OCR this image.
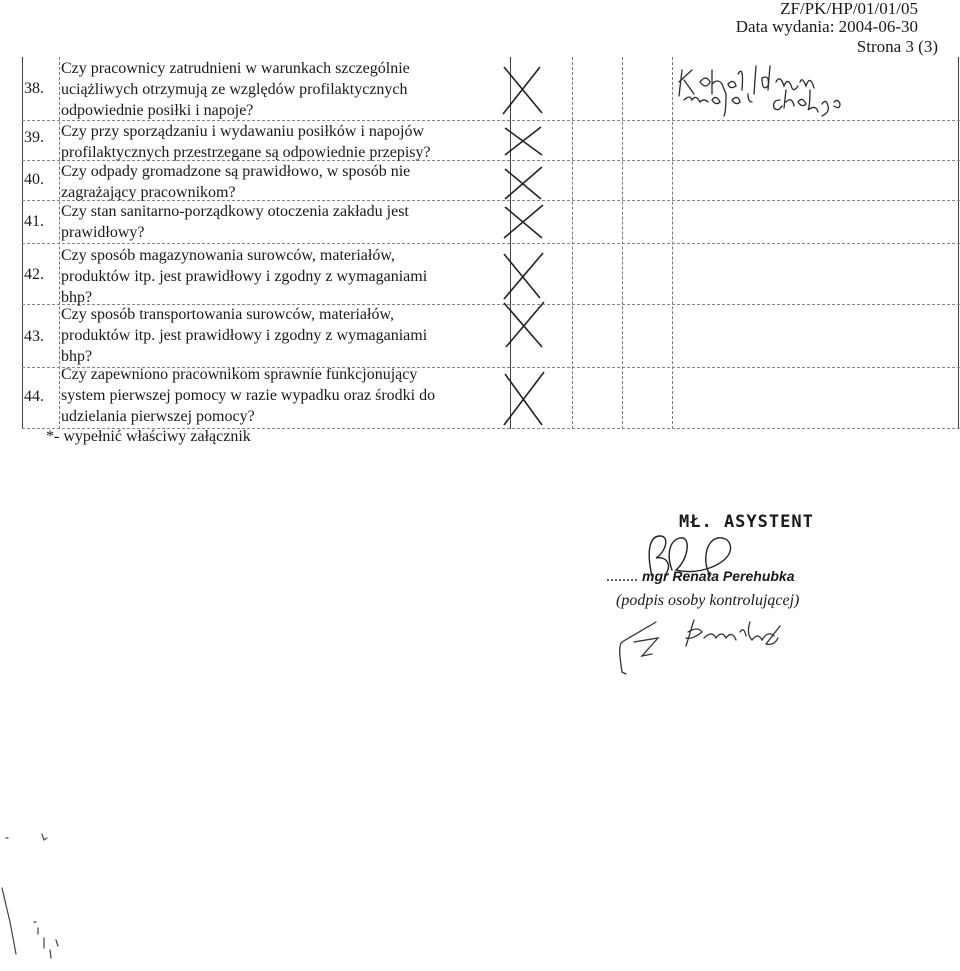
ZF/PK/HP/01/01/05
Data wydania: 2004-06-30
Strona 3 (3)
38.
Czy pracownicy zatrudnieni w warunkach szczególnie
uciążliwych otrzymują ze względów profilaktycznych
odpowiednie posiłki i napoje?
39. Czy przy sporządzaniu i wydawaniu posiłków i napojów
profilaktycznych przestrzegane są odpowiednie przepisy?
40. Czy odpady gromadzone są prawidłowo, w sposób nie
zagrażający pracownikom?
41.
Czy stan sanitarno-porządkowy otoczenia zakładu jest
prawidłowy?
42.
Czy sposób magazynowania surowców, materiałów,
produktów itp. jest prawidłowy i zgodny z wymaganiami
bhp?
43.
Czy sposób transportowania surowców, materiałów,
produktów itp. jest prawidłowy i zgodny z wymaganiami
bhp?
44.
Czy zapewniono pracownikom sprawnie funkcjonujący
system pierwszej pomocy w razie wypadku oraz środki do
udzielania pierwszej pomocy?
*- wypełnić właściwy załącznik
MŁ. ASYSTENT
........ mgr Renata Perehubka
(podpis osoby kontrolującej)
